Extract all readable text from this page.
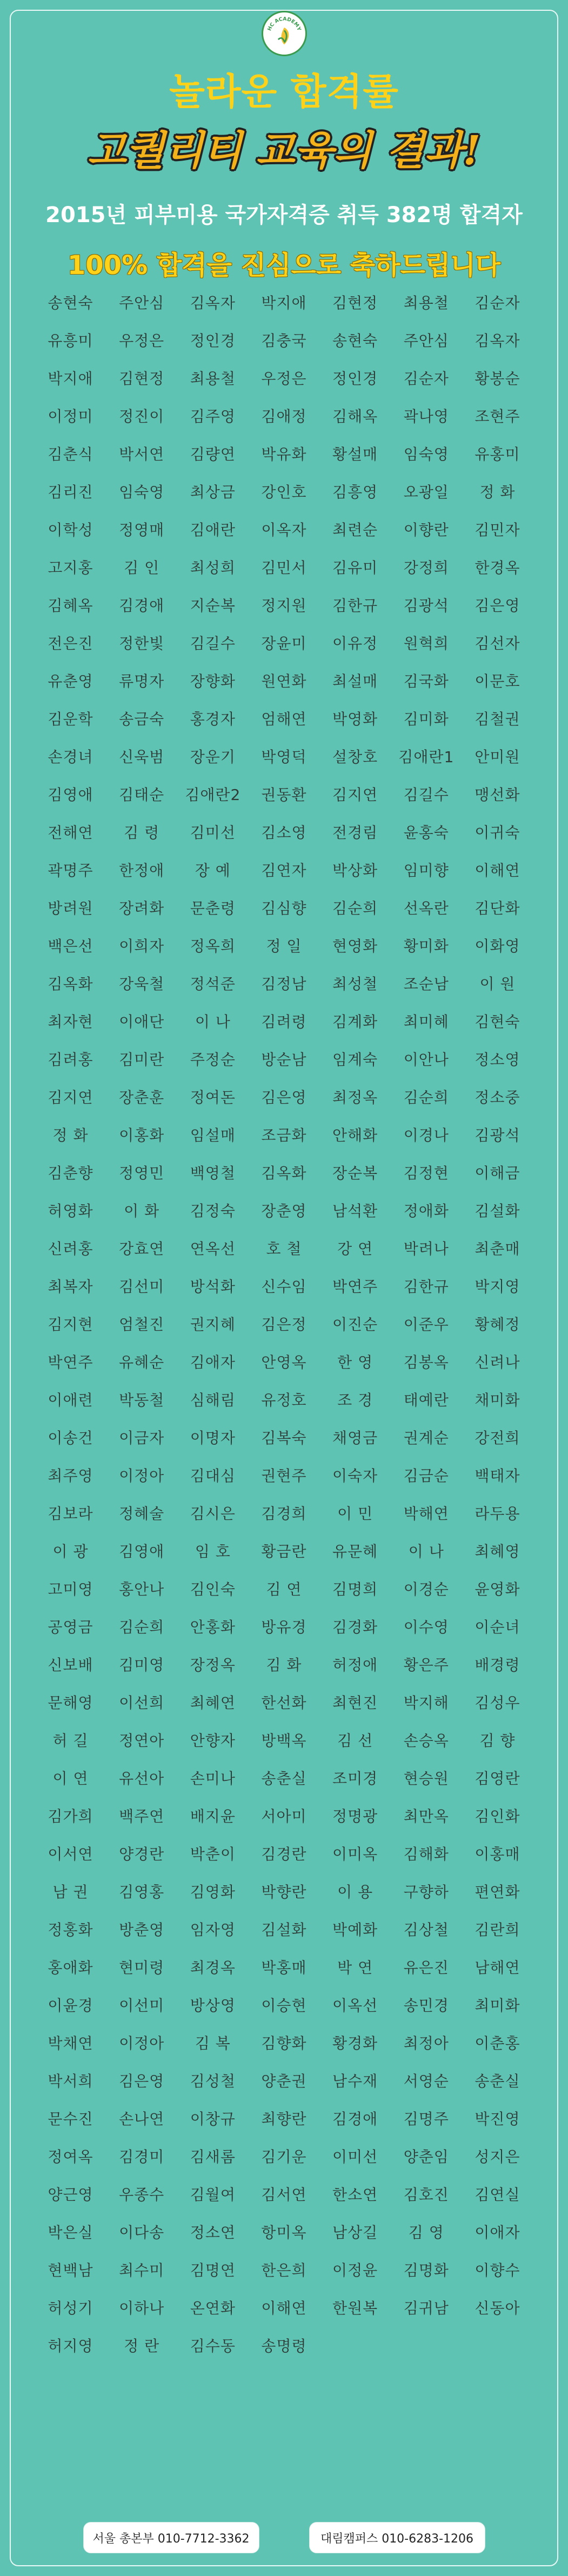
HC ACADEMY
놀라운 합격률
고퀄리티 교육의 결과!
2015년 피부미용 국가자격증 취득 382명 합격자
100% 합격을 진심으로 축하드립니다
송현숙	주안심	김옥자	박지애	김현정	최용철	김순자
유흥미	우정은	정인경	김충국	송현숙	주안심	김옥자
박지애	김현정	최용철	우정은	정인경	김순자	황봉순
이정미	정진이	김주영	김애정	김해옥	곽나영	조현주
김춘식	박서연	김량연	박유화	황설매	임숙영	유홍미
김리진	임숙영	최상금	강인호	김흥영	오광일	정 화
이학성	정영매	김애란	이옥자	최련순	이향란	김민자
고지홍	김 인	최성희	김민서	김유미	강정희	한경옥
김혜옥	김경애	지순복	정지원	김한규	김광석	김은영
전은진	정한빛	김길수	장윤미	이유정	원혁희	김선자
유춘영	류명자	장향화	원연화	최설매	김국화	이문호
김운학	송금숙	홍경자	엄해연	박영화	김미화	김철권
손경녀	신욱범	장운기	박영덕	설창호	김애란1	안미원
김영애	김태순	김애란2	권동환	김지연	김길수	맹선화
전해연	김 령	김미선	김소영	전경림	윤홍숙	이귀숙
곽명주	한정애	장 예	김연자	박상화	임미향	이해연
방려원	장려화	문춘령	김심향	김순희	선옥란	김단화
백은선	이희자	정옥희	정 일	현영화	황미화	이화영
김옥화	강욱철	정석준	김정남	최성철	조순남	이 원
최자현	이애단	이 나	김려령	김계화	최미혜	김현숙
김려홍	김미란	주정순	방순남	임계숙	이안나	정소영
김지연	장춘훈	정여돈	김은영	최정옥	김순희	정소중
정 화	이홍화	임설매	조금화	안해화	이경나	김광석
김춘향	정영민	백영철	김옥화	장순복	김정현	이해금
허영화	이 화	김정숙	장춘영	남석환	정애화	김설화
신려홍	강효연	연옥선	호 철	강 연	박려나	최춘매
최복자	김선미	방석화	신수임	박연주	김한규	박지영
김지현	엄철진	권지혜	김은정	이진순	이준우	황혜정
박연주	유혜순	김애자	안영옥	한 영	김봉옥	신려나
이애련	박동철	심해림	유정호	조 경	태예란	채미화
이송건	이금자	이명자	김복숙	채영금	권계순	강전희
최주영	이정아	김대심	권현주	이숙자	김금순	백태자
김보라	정혜술	김시은	김경희	이 민	박해연	라두용
이 광	김영애	임 호	황금란	유문혜	이 나	최혜영
고미영	홍안나	김인숙	김 연	김명희	이경순	윤영화
공영금	김순희	안홍화	방유경	김경화	이수영	이순녀
신보배	김미영	장정옥	김 화	허정애	황은주	배경령
문해영	이선희	최혜연	한선화	최현진	박지해	김성우
허 길	정연아	안향자	방백옥	김 선	손승옥	김 향
이 연	유선아	손미나	송춘실	조미경	현승원	김영란
김가희	백주연	배지윤	서아미	정명광	최만옥	김인화
이서연	양경란	박춘이	김경란	이미옥	김해화	이홍매
남 권	김영홍	김영화	박향란	이 용	구향하	편연화
정홍화	방춘영	임자영	김설화	박예화	김상철	김란희
홍애화	현미령	최경옥	박홍매	박 연	유은진	남해연
이윤경	이선미	방상영	이승현	이옥선	송민경	최미화
박채연	이정아	김 복	김향화	황경화	최정아	이춘홍
박서희	김은영	김성철	양춘권	남수재	서영순	송춘실
문수진	손나연	이창규	최향란	김경애	김명주	박진영
정여옥	김경미	김새롬	김기운	이미선	양춘임	성지은
양근영	우종수	김월여	김서연	한소연	김호진	김연실
박은실	이다송	정소연	항미옥	남상길	김 영	이애자
현백남	최수미	김명연	한은희	이정윤	김명화	이향수
허성기	이하나	온연화	이해연	한원복	김귀남	신동아
허지영	정 란	김수동	송명령
서울 총본부 010-7712-3362	대림캠퍼스 010-6283-1206
